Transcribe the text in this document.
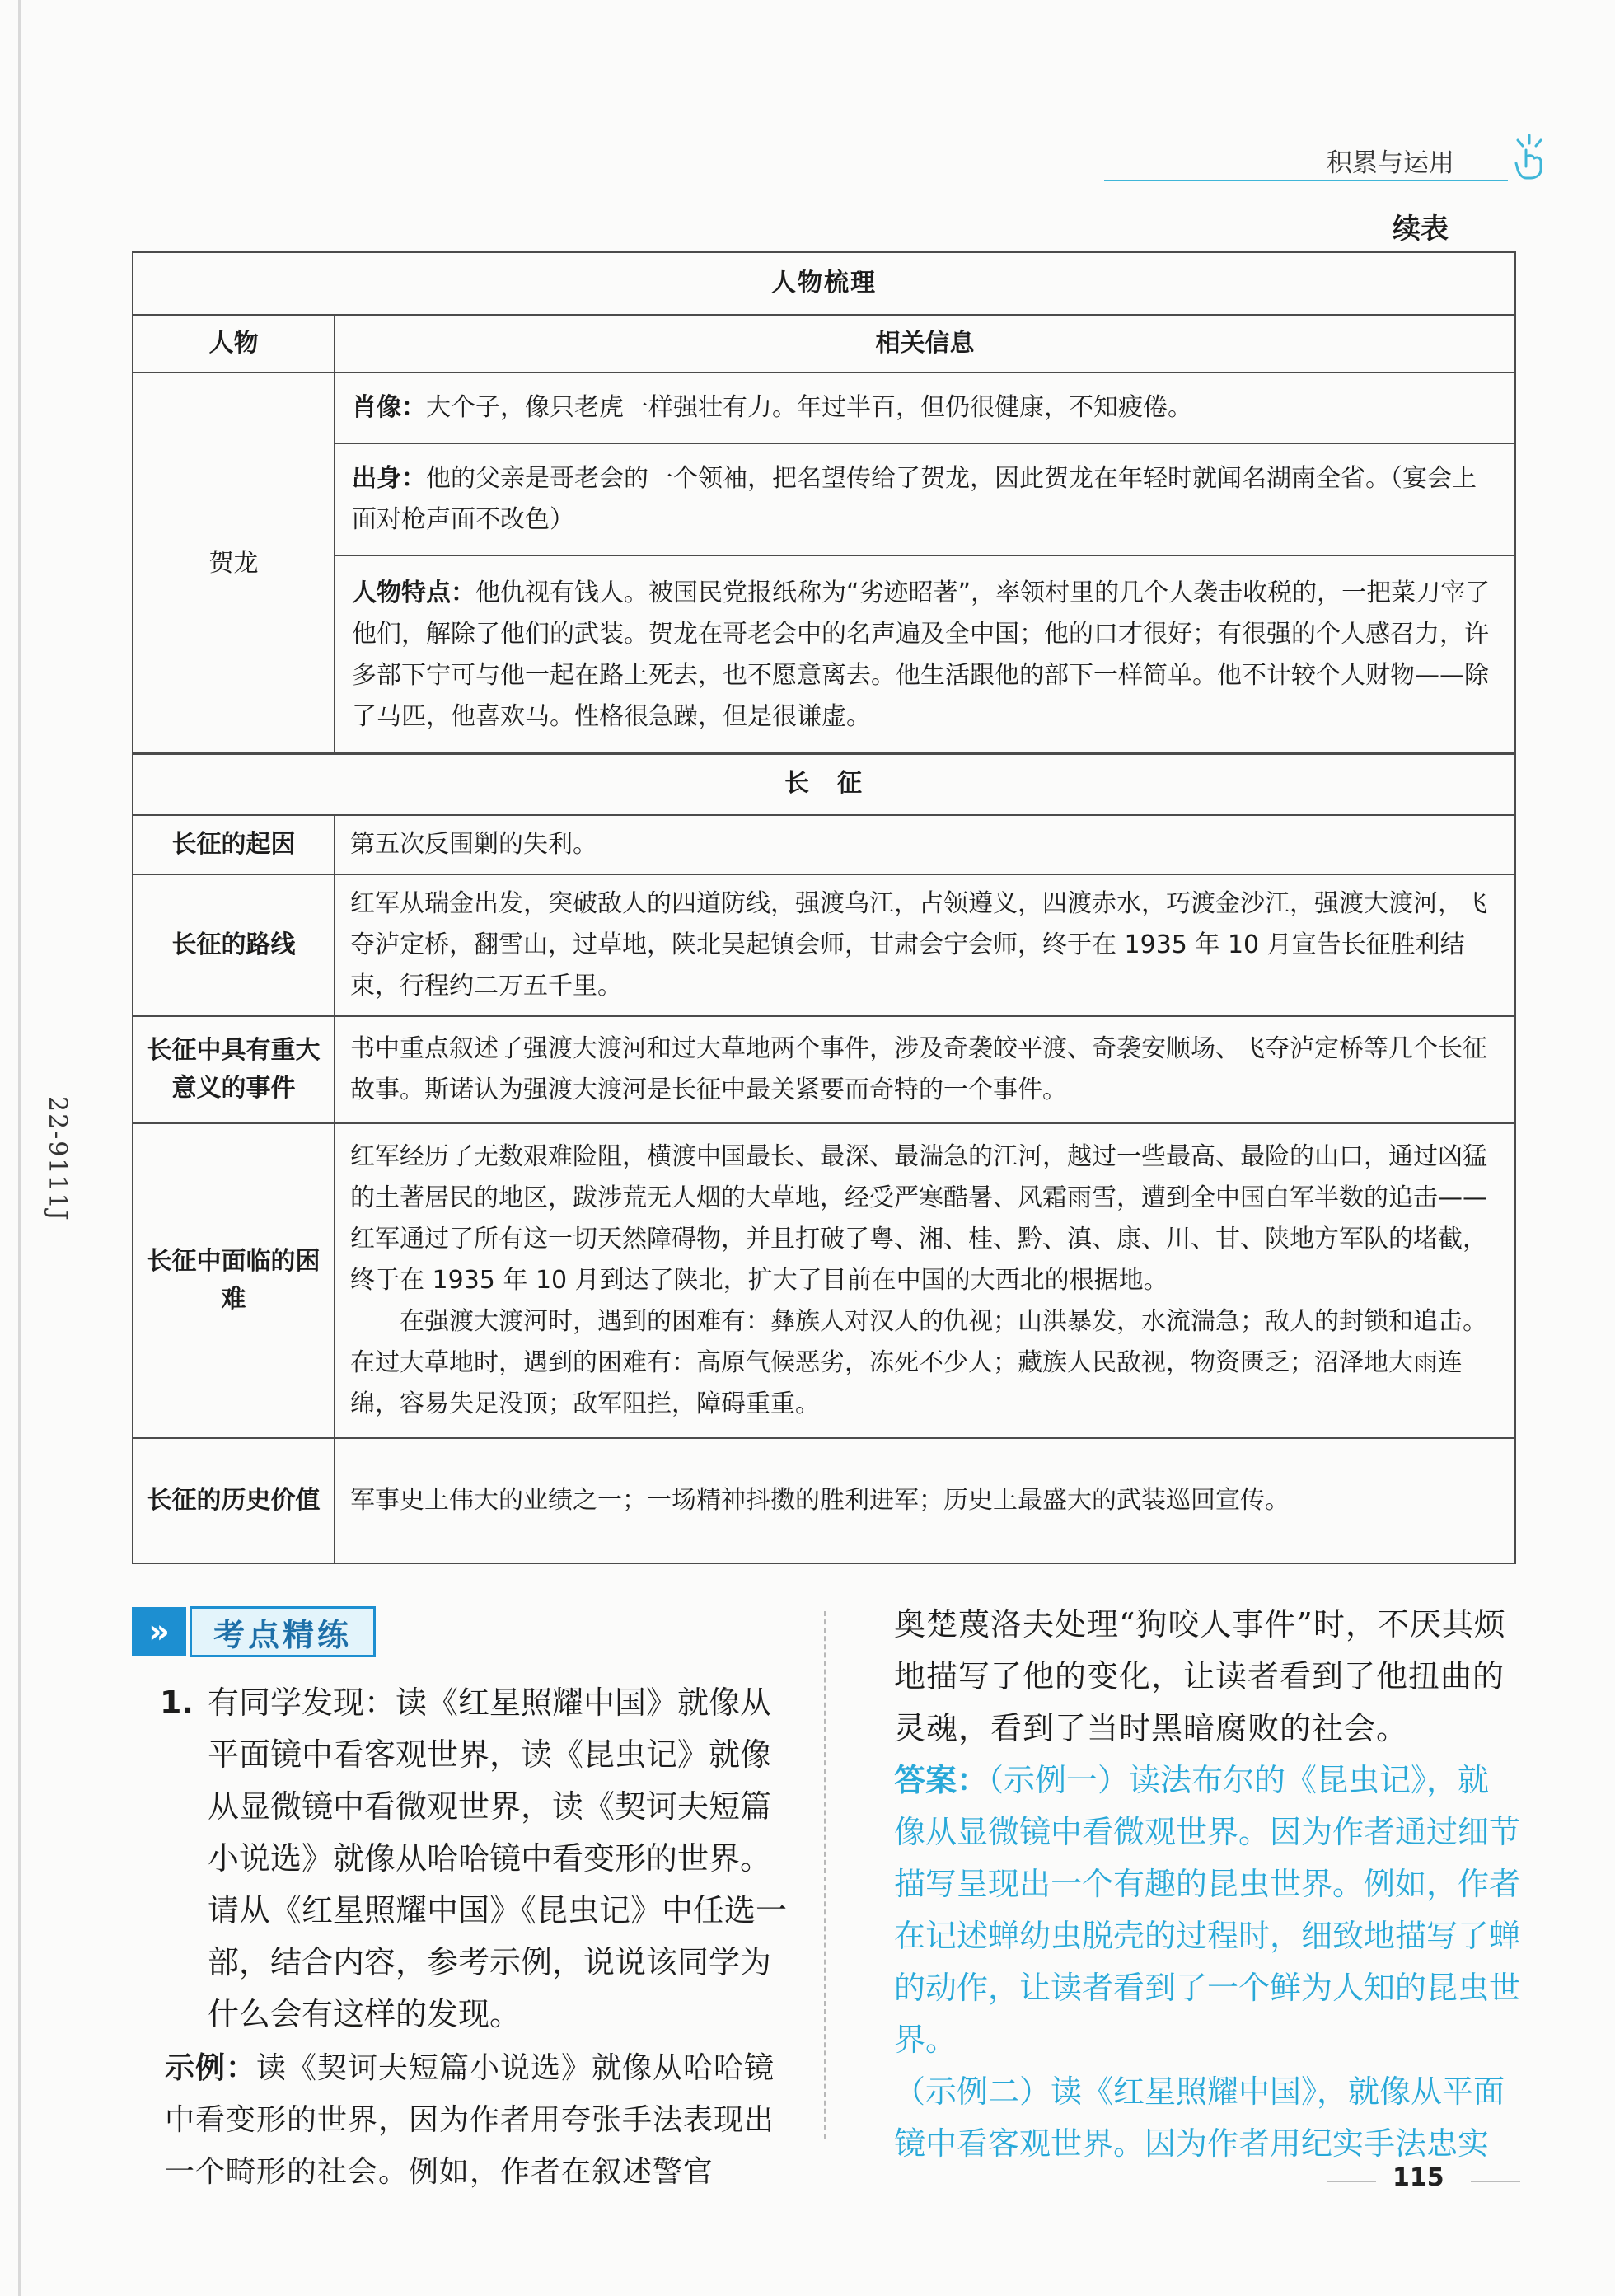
22-9111J
积累与运用
续表
人物梳理	
人物	相关信息
贺龙	肖像：大个子，像只老虎一样强壮有力。年过半百，但仍很健康，不知疲倦。
	出身：他的父亲是哥老会的一个领袖，把名望传给了贺龙，因此贺龙在年轻时就闻名湖南全省。（宴会上面对枪声面不改色）
	人物特点：他仇视有钱人。被国民党报纸称为“劣迹昭著”，率领村里的几个人袭击收税的，一把菜刀宰了他们，解除了他们的武装。贺龙在哥老会中的名声遍及全中国；他的口才很好；有很强的个人感召力，许多部下宁可与他一起在路上死去，也不愿意离去。他生活跟他的部下一样简单。他不计较个人财物——除了马匹，他喜欢马。性格很急躁，但是很谦虚。
长　征	
长征的起因	第五次反围剿的失利。
长征的路线	红军从瑞金出发，突破敌人的四道防线，强渡乌江，占领遵义，四渡赤水，巧渡金沙江，强渡大渡河，飞夺泸定桥，翻雪山，过草地，陕北吴起镇会师，甘肃会宁会师，终于在 1935 年 10 月宣告长征胜利结束，行程约二万五千里。
长征中具有重大意义的事件	书中重点叙述了强渡大渡河和过大草地两个事件，涉及奇袭皎平渡、奇袭安顺场、飞夺泸定桥等几个长征故事。斯诺认为强渡大渡河是长征中最关紧要而奇特的一个事件。
长征中面临的困难	红军经历了无数艰难险阻，横渡中国最长、最深、最湍急的江河，越过一些最高、最险的山口，通过凶猛的土著居民的地区，跋涉荒无人烟的大草地，经受严寒酷暑、风霜雨雪，遭到全中国白军半数的追击——红军通过了所有这一切天然障碍物，并且打破了粤、湘、桂、黔、滇、康、川、甘、陕地方军队的堵截，终于在 1935 年 10 月到达了陕北，扩大了目前在中国的大西北的根据地。
在强渡大渡河时，遇到的困难有：彝族人对汉人的仇视；山洪暴发，水流湍急；敌人的封锁和追击。在过大草地时，遇到的困难有：高原气候恶劣，冻死不少人；藏族人民敌视，物资匮乏；沼泽地大雨连绵，容易失足没顶；敌军阻拦，障碍重重。

长征的历史价值	军事史上伟大的业绩之一；一场精神抖擞的胜利进军；历史上最盛大的武装巡回宣传。
»	考点精练
1. 有同学发现：读《红星照耀中国》就像从平面镜中看客观世界，读《昆虫记》就像从显微镜中看微观世界，读《契诃夫短篇小说选》就像从哈哈镜中看变形的世界。请从《红星照耀中国》《昆虫记》中任选一部，结合内容，参考示例，说说该同学为什么会有这样的发现。
示例：读《契诃夫短篇小说选》就像从哈哈镜中看变形的世界，因为作者用夸张手法表现出一个畸形的社会。例如，作者在叙述警官
奥楚蔑洛夫处理“狗咬人事件”时，不厌其烦地描写了他的变化，让读者看到了他扭曲的灵魂，看到了当时黑暗腐败的社会。
答案：（示例一）读法布尔的《昆虫记》，就像从显微镜中看微观世界。因为作者通过细节描写呈现出一个有趣的昆虫世界。例如，作者在记述蝉幼虫脱壳的过程时，细致地描写了蝉的动作，让读者看到了一个鲜为人知的昆虫世界。
（示例二）读《红星照耀中国》，就像从平面镜中看客观世界。因为作者用纪实手法忠实
115
